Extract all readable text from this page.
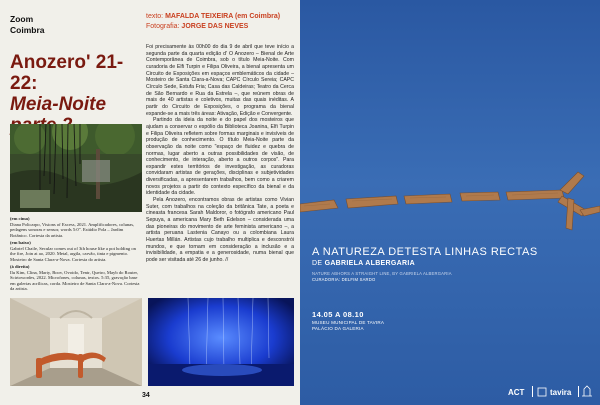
Zoom
Coimbra
texto: MAFALDA TEIXEIRA (em Coimbra)
Fotografia: JORGE DAS NEVES
Anozero' 21-22:
Meia-Noite
(em cima)
Diana Policarpo, Visions of Excess, 2021. Amplificadores, colunas, pedagens sonoras e sensor, words 5:0". Estúdio Pola – Jardim Botânico. Cortesia da artista.
(em baixo)
Gabriel Chaile, Secular comes out of 3th house like a pot holding on the fire, Join at ao, 2020. Metal, argila, carvão, tinta e pigmento. Mosteiro de Santa Clara-a-Nova. Cortesia do artista.
(à direita)
Ilu Kim, Clina, Marty, Boov, Ovoido, Tentr, Queiro, Mayb do Router, Scirtowordes, 2022. Microfones, colunas, textos. 5:35, gravação base em galerias acrílicas, corda. Mosteiro de Santa Clara-a-Nova. Cortesia da artista.

Foi precisamente às 00h00 do dia 9 de abril que teve início a segunda parte da quarta edição d' O Anozero – Bienal de Arte Contemporânea de Coimbra, sob o título Meia-Noite. Com curadoria de Elfi Turpin e Filipa Oliveira, a bienal apresenta um Circuito de Exposições em espaços emblemáticos da cidade – Mosteiro de Santa Clara-a-Nova; CAPC Círculo Sereia; CAPC Círculo Sede, Estufa Fria; Casa das Caldeiras; Teatro da Cerca de São Bernardo e Rua da Estrela –, que reúnem obras de mais de 40 artistas e coletivos, muitas das quais inéditas. A partir do Circuito de Exposições, o programa da bienal expande-se a mais três áreas: Ativação, Edição e Convergente.

Partindo da ideia da noite e do papel dos mosteiros que ajudam a conservar o espólio da Biblioteca Joanina, Elfi Turpin e Filipa Oliveira refletem sobre formas marginais e invisíveis de produção de conhecimento. O título Meia-Noite parte da observação da noite como "espaço de fluidez e quebra de normas, lugar aberto a outras possibilidades de visão, de conhecimento, de interação, aberto a outros corpos". Para expandir estes territórios de investigação, as curadoras convidaram artistas de gerações, disciplinas e subjetividades diversificadas, a apresentarem trabalhos, bem como a criarem novos projetos a partir do contexto específico da bienal e da identidade da cidade.

Pela Anozero, encontramos obras de artistas como Vivian Suter, com trabalhos na coleção da britânica Tate, a poeta e cineasta francesa Sarah Maldoror, o fotógrafo americano Paul Sepuya, a americana Mary Beth Edelson – considerada uma das pioneiras do movimento de arte feminista americano –, a artista peruana Lastenia Canayo ou a colombiana Laura Huertas Millán. Artistas cujo trabalho multiplica e desconstrói mundos, e que tornam em consideração a inclusão e a invisibilidade, a empatia e a generosidade, numa bienal que pode ser visitada até 26 de junho. //

34
A NATUREZA DETESTA LINHAS RECTAS
DE GABRIELA ALBERGARIA
NATURE ABHORS A STRAIGHT LINE, BY GABRIELA ALBERGARIA
CURADORIA: DELFIM SARDO
14.05 A 08.10
MUSEU MUNICIPAL DE TAVIRA
PALÁCIO DA GALERIA
ACT	tavira
